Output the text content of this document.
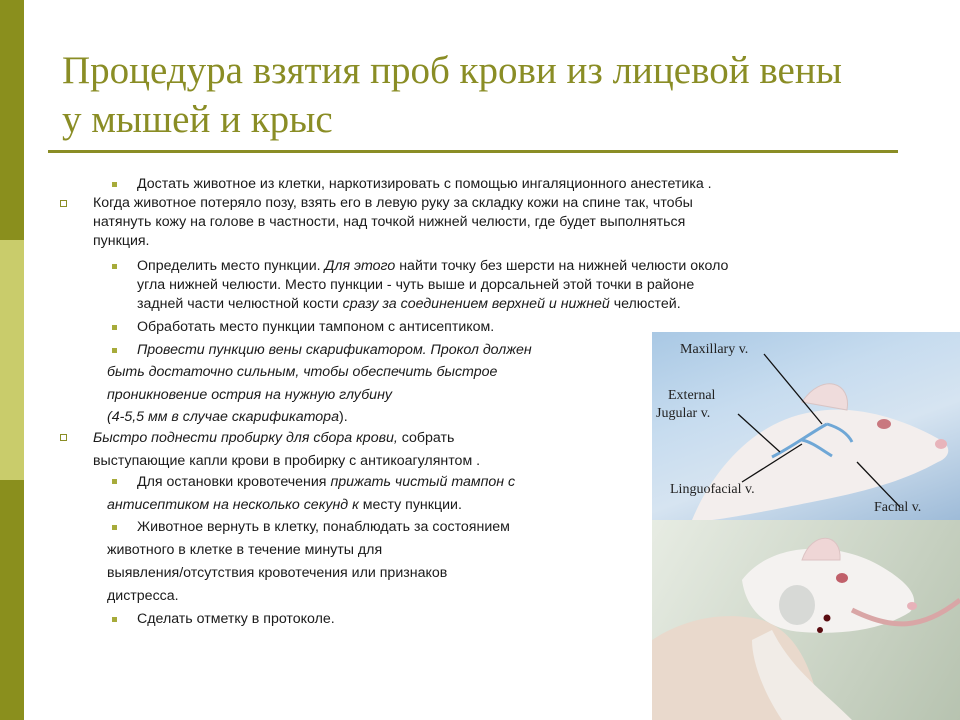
Процедура взятия проб крови из лицевой вены
у мышей и крыс
Достать животное из клетки, наркотизировать с помощью ингаляционного анестетика .
Когда животное потеряло позу, взять его в левую руку за складку кожи на спине так, чтобы
натянуть кожу на голове в частности, над точкой нижней челюсти, где будет выполняться
пункция.
Определить место пункции. Для этого найти точку без шерсти на нижней челюсти около
угла нижней челюсти. Место пункции - чуть выше и дорсальней этой точки в районе
задней части челюстной кости сразу за соединением верхней и нижней челюстей.
Обработать место пункции тампоном с антисептиком.
Провести пункцию вены скарификатором. Прокол должен
быть достаточно сильным, чтобы обеспечить быстрое
проникновение острия на нужную глубину
(4-5,5 мм в случае скарификатора).
Быстро поднести пробирку для сбора крови, собрать
выступающие капли крови в пробирку с антикоагулянтом .
Для остановки кровотечения прижать чистый тампон с
антисептиком на несколько секунд к месту пункции.
Животное вернуть в клетку, понаблюдать за состоянием
животного в клетке в течение минуты для
выявления/отсутствия кровотечения или признаков
дистресса.
Сделать отметку в протоколе.
Maxillary v.
External
Jugular v.
Linguofacial v.
Facial v.
